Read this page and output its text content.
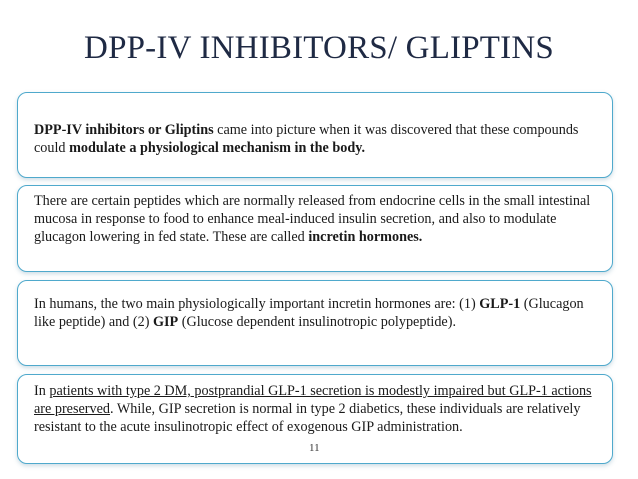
DPP-IV INHIBITORS/ GLIPTINS
DPP-IV inhibitors or Gliptins came into picture when it was discovered that these compounds could modulate a physiological mechanism in the body.
There are certain peptides which are normally released from endocrine cells in the small intestinal mucosa in response to food to enhance meal-induced insulin secretion, and also to modulate glucagon lowering in fed state. These are called incretin hormones.
In humans, the two main physiologically important incretin hormones are: (1) GLP-1 (Glucagon like peptide) and (2) GIP (Glucose dependent insulinotropic polypeptide).
In patients with type 2 DM, postprandial GLP-1 secretion is modestly impaired but GLP-1 actions are preserved. While, GIP secretion is normal in type 2 diabetics, these individuals are relatively resistant to the acute insulinotropic effect of exogenous GIP administration.
11
